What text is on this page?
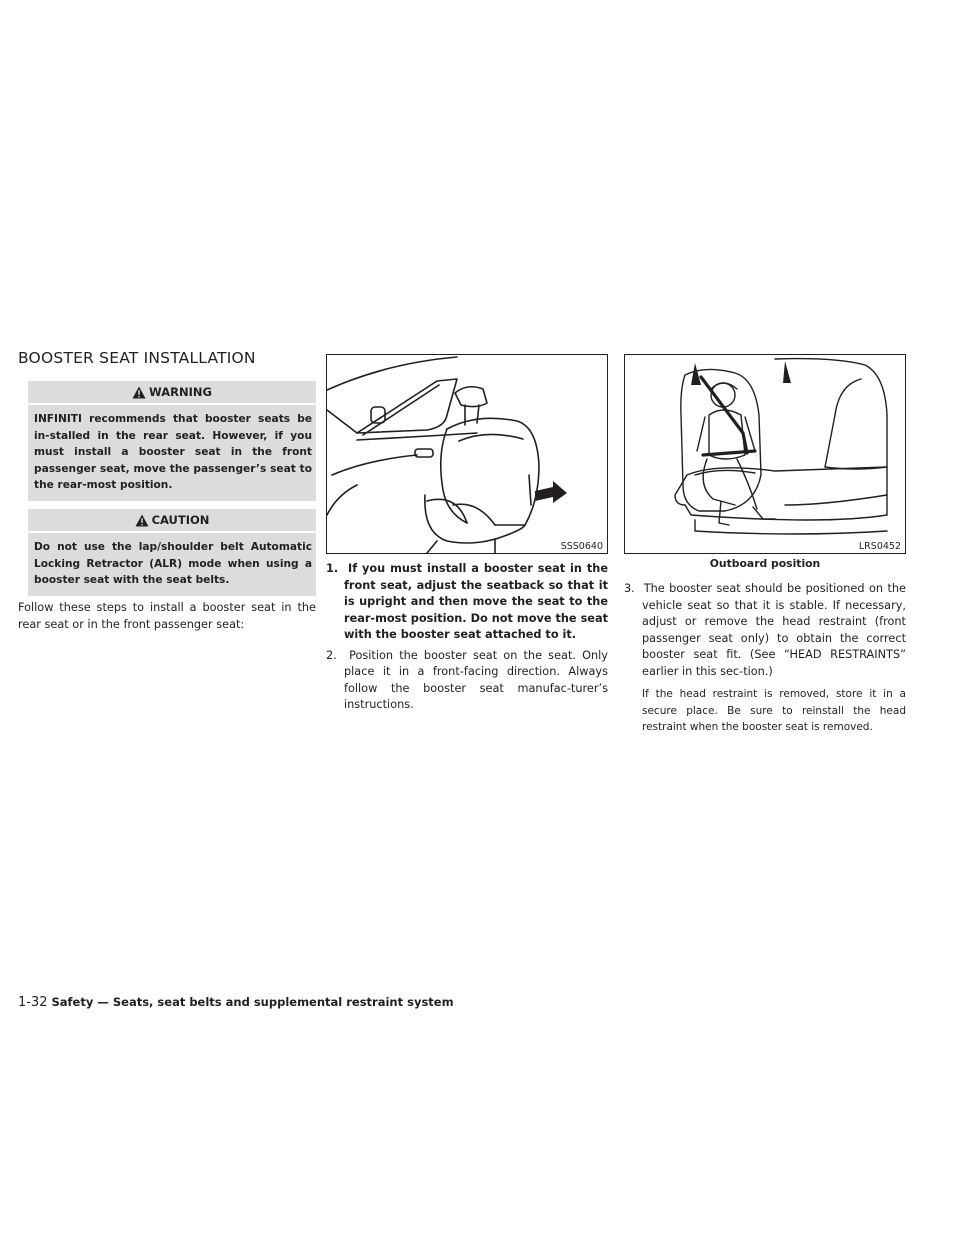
BOOSTER SEAT INSTALLATION
WARNING
INFINITI recommends that booster seats be in-stalled in the rear seat. However, if you must install a booster seat in the front passenger seat, move the passenger’s seat to the rear-most position.
CAUTION
Do not use the lap/shoulder belt Automatic Locking Retractor (ALR) mode when using a booster seat with the seat belts.

Follow these steps to install a booster seat in the rear seat or in the front passenger seat:

SSS0640	LRS0452
Outboard position

1. If you must install a booster seat in the front seat, adjust the seatback so that it is upright and then move the seat to the rear-most position. Do not move the seat with the booster seat attached to it.

2. Position the booster seat on the seat. Only place it in a front-facing direction. Always follow the booster seat manufac-turer’s instructions.

3. The booster seat should be positioned on the vehicle seat so that it is stable. If necessary, adjust or remove the head restraint (front passenger seat only) to obtain the correct booster seat fit. (See “HEAD RESTRAINTS” earlier in this sec-tion.)

If the head restraint is removed, store it in a secure place. Be sure to reinstall the head restraint when the booster seat is removed.

1-32 Safety — Seats, seat belts and supplemental restraint system
